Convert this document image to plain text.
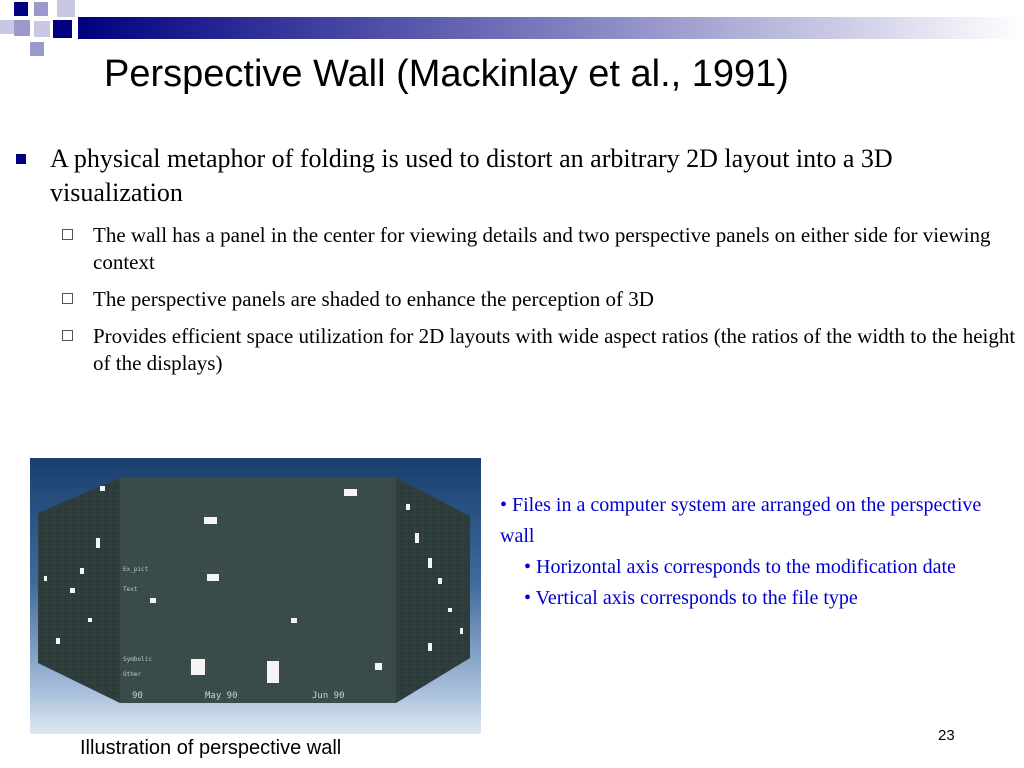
Perspective Wall (Mackinlay et al., 1991)
A physical metaphor of folding is used to distort an arbitrary 2D layout into a 3D visualization
The wall has a panel in the center for viewing details and two perspective panels on either side for viewing context
The perspective panels are shaded to enhance the perception of 3D
Provides efficient space utilization for 2D layouts with wide aspect ratios (the ratios of the width to the height of the displays)
Ex_pict
Text
Symbolic
Other
90	May 90	Jun 90
Illustration of perspective wall
• Files in a computer system are arranged on the perspective wall
• Horizontal axis corresponds to the modification date
• Vertical axis corresponds to the file type
23
